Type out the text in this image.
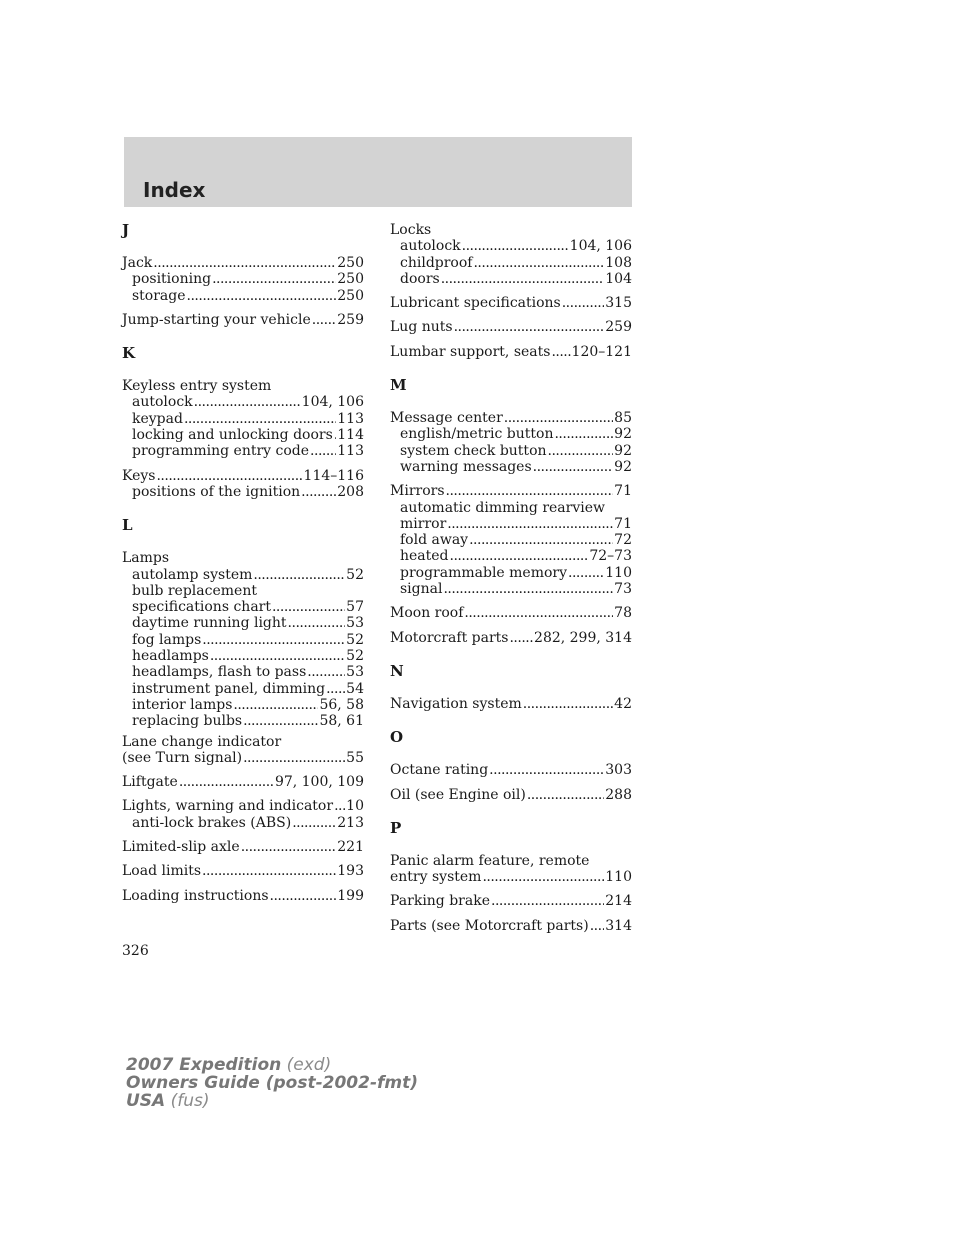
Index
J
Jack .....	250
positioning .....	250
storage .....	250
Jump-starting your vehicle ..... 259
K
Keyless entry system
autolock .....	104, 106
keypad .....	113
locking and unlocking doors ..... 114
programming entry code ..... 113
Keys .....	114–116
positions of the ignition .....	208
L
Lamps
autolamp system .....	52
bulb replacement
specifications chart .....	57
daytime running light .....	53
fog lamps .....	52
headlamps .....	52
headlamps, flash to pass .....	53
instrument panel, dimming ..... 54
interior lamps .....	56, 58
replacing bulbs .....	58, 61
Lane change indicator
(see Turn signal) .....	55
Liftgate .....	97, 100, 109
Lights, warning and indicator ..... 10
anti-lock brakes (ABS) .....	213
Limited-slip axle .....	221
Load limits .....	193
Loading instructions .....	199
Locks
autolock .....	104, 106
childproof .....	108
doors .....	104
Lubricant specifications .....	315
Lug nuts .....	259
Lumbar support, seats ..... 120–121
M
Message center .....	85
english/metric button .....	92
system check button .....	92
warning messages .....	92
Mirrors .....	71
automatic dimming rearview
mirror .....	71
fold away .....	72
heated .....	72–73
programmable memory .....	110
signal .....	73
Moon roof .....	78
Motorcraft parts ..... 282, 299, 314
N
Navigation system .....	42
O
Octane rating .....	303
Oil (see Engine oil) .....	288
P
Panic alarm feature, remote
entry system .....	110
Parking brake .....	214
Parts (see Motorcraft parts) ..... 314
326
2007 Expedition (exd)
Owners Guide (post-2002-fmt)
USA (fus)
